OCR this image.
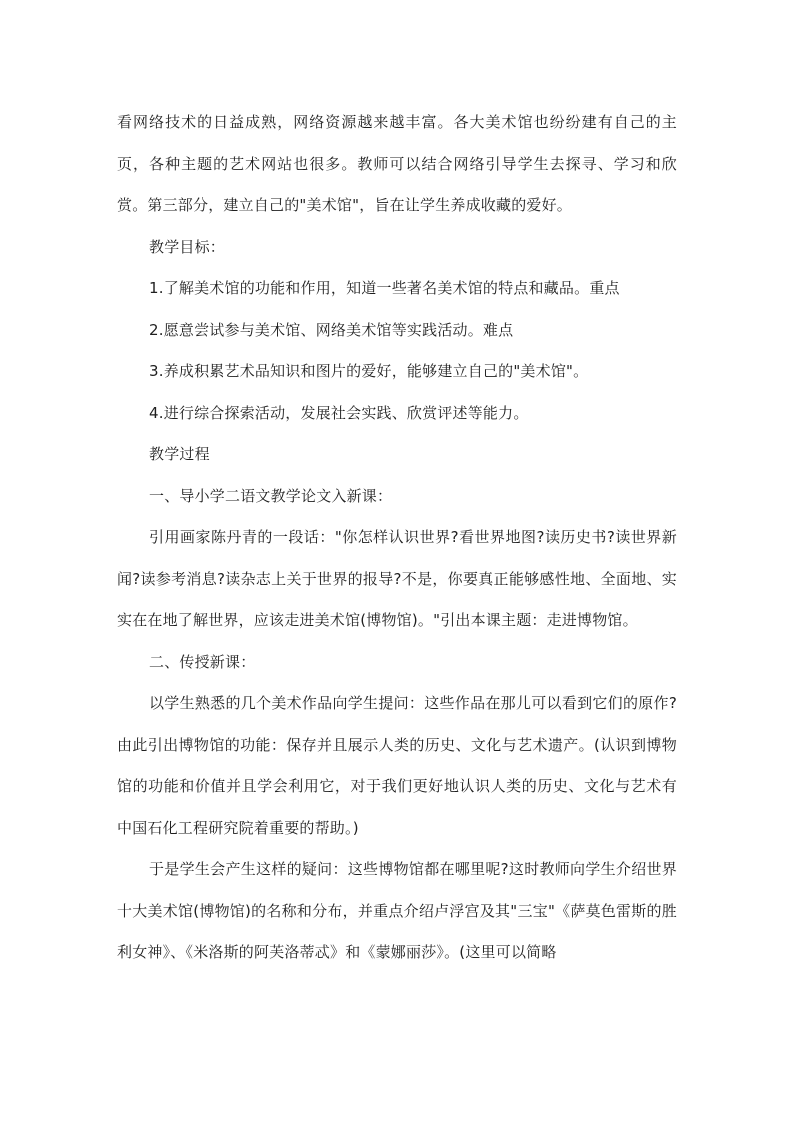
看网络技术的日益成熟，网络资源越来越丰富。各大美术馆也纷纷建有自己的主页，各种主题的艺术网站也很多。教师可以结合网络引导学生去探寻、学习和欣赏。第三部分，建立自己的"美术馆"，旨在让学生养成收藏的爱好。

教学目标：

1.了解美术馆的功能和作用，知道一些著名美术馆的特点和藏品。重点

2.愿意尝试参与美术馆、网络美术馆等实践活动。难点

3.养成积累艺术品知识和图片的爱好，能够建立自己的"美术馆"。

4.进行综合探索活动，发展社会实践、欣赏评述等能力。

教学过程

一、导小学二语文教学论文入新课：

引用画家陈丹青的一段话："你怎样认识世界?看世界地图?读历史书?读世界新闻?读参考消息?读杂志上关于世界的报导?不是，你要真正能够感性地、全面地、实实在在地了解世界，应该走进美术馆(博物馆)。"引出本课主题：走进博物馆。

二、传授新课：

以学生熟悉的几个美术作品向学生提问：这些作品在那儿可以看到它们的原作?由此引出博物馆的功能：保存并且展示人类的历史、文化与艺术遗产。(认识到博物馆的功能和价值并且学会利用它，对于我们更好地认识人类的历史、文化与艺术有中国石化工程研究院着重要的帮助。)

于是学生会产生这样的疑问：这些博物馆都在哪里呢?这时教师向学生介绍世界十大美术馆(博物馆)的名称和分布，并重点介绍卢浮宫及其"三宝"《萨莫色雷斯的胜利女神》、《米洛斯的阿芙洛蒂忒》和《蒙娜丽莎》。(这里可以简略
